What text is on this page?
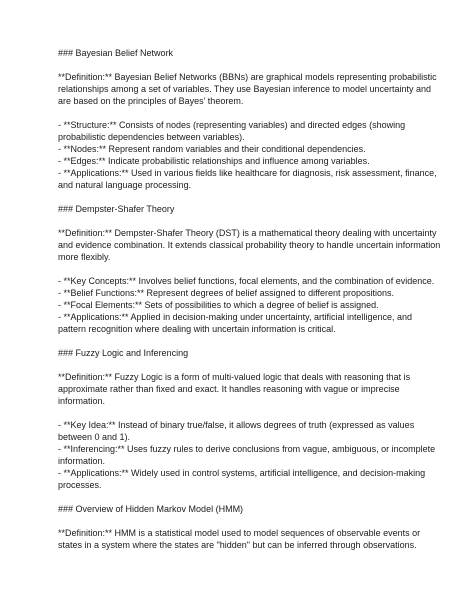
### Bayesian Belief Network
**Definition:** Bayesian Belief Networks (BBNs) are graphical models representing probabilistic
relationships among a set of variables. They use Bayesian inference to model uncertainty and
are based on the principles of Bayes' theorem.
- **Structure:** Consists of nodes (representing variables) and directed edges (showing
probabilistic dependencies between variables).
- **Nodes:** Represent random variables and their conditional dependencies.
- **Edges:** Indicate probabilistic relationships and influence among variables.
- **Applications:** Used in various fields like healthcare for diagnosis, risk assessment, finance,
and natural language processing.
### Dempster-Shafer Theory
**Definition:** Dempster-Shafer Theory (DST) is a mathematical theory dealing with uncertainty
and evidence combination. It extends classical probability theory to handle uncertain information
more flexibly.
- **Key Concepts:** Involves belief functions, focal elements, and the combination of evidence.
- **Belief Functions:** Represent degrees of belief assigned to different propositions.
- **Focal Elements:** Sets of possibilities to which a degree of belief is assigned.
- **Applications:** Applied in decision-making under uncertainty, artificial intelligence, and
pattern recognition where dealing with uncertain information is critical.
### Fuzzy Logic and Inferencing
**Definition:** Fuzzy Logic is a form of multi-valued logic that deals with reasoning that is
approximate rather than fixed and exact. It handles reasoning with vague or imprecise
information.
- **Key Idea:** Instead of binary true/false, it allows degrees of truth (expressed as values
between 0 and 1).
- **Inferencing:** Uses fuzzy rules to derive conclusions from vague, ambiguous, or incomplete
information.
- **Applications:** Widely used in control systems, artificial intelligence, and decision-making
processes.
### Overview of Hidden Markov Model (HMM)
**Definition:** HMM is a statistical model used to model sequences of observable events or
states in a system where the states are "hidden" but can be inferred through observations.
